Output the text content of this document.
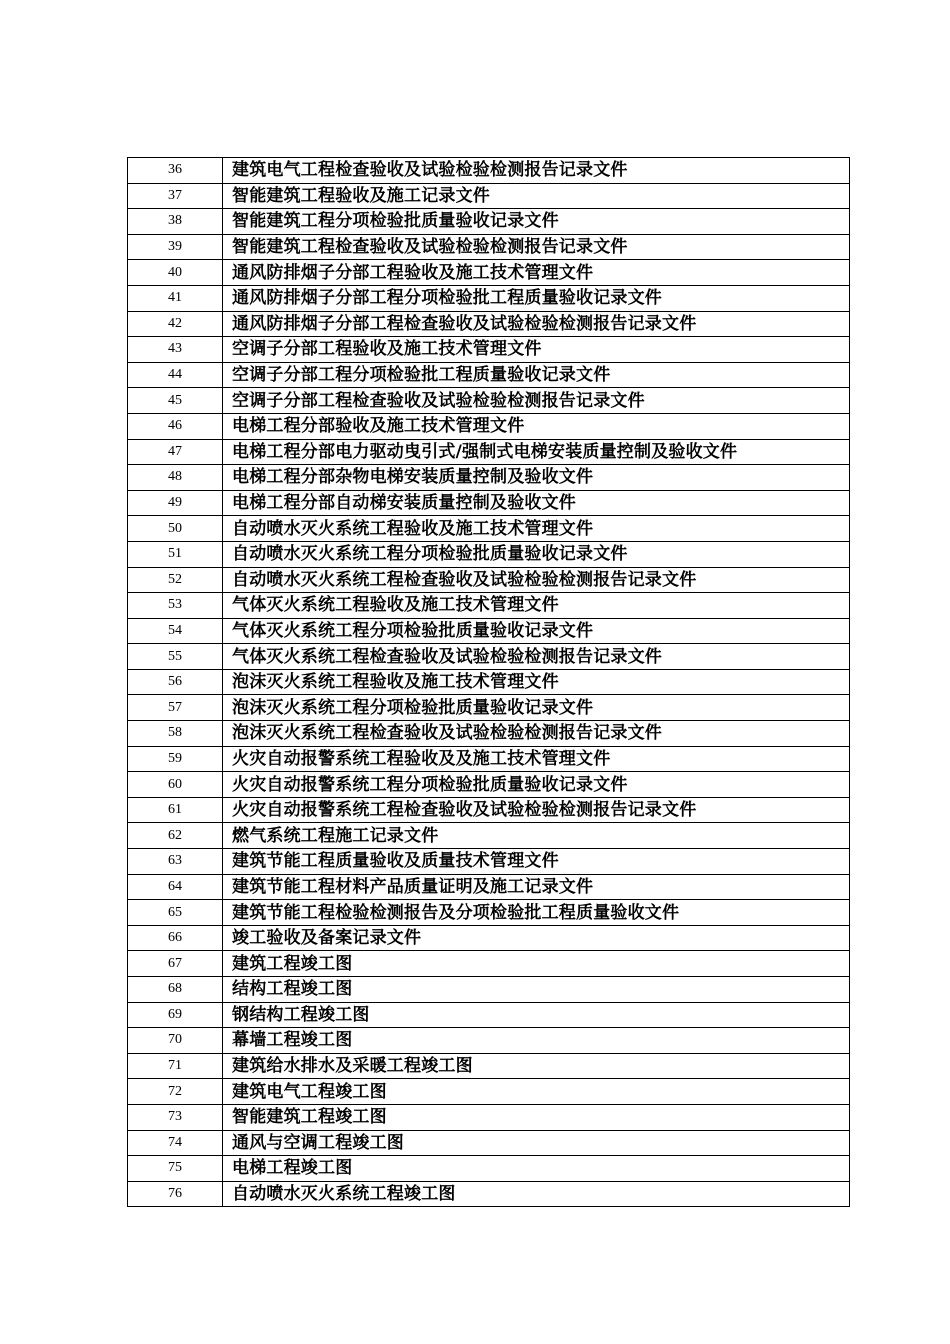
36	建筑电气工程检查验收及试验检验检测报告记录文件
37	智能建筑工程验收及施工记录文件
38	智能建筑工程分项检验批质量验收记录文件
39	智能建筑工程检查验收及试验检验检测报告记录文件
40	通风防排烟子分部工程验收及施工技术管理文件
41	通风防排烟子分部工程分项检验批工程质量验收记录文件
42	通风防排烟子分部工程检查验收及试验检验检测报告记录文件
43	空调子分部工程验收及施工技术管理文件
44	空调子分部工程分项检验批工程质量验收记录文件
45	空调子分部工程检查验收及试验检验检测报告记录文件
46	电梯工程分部验收及施工技术管理文件
47	电梯工程分部电力驱动曳引式/强制式电梯安装质量控制及验收文件
48	电梯工程分部杂物电梯安装质量控制及验收文件
49	电梯工程分部自动梯安装质量控制及验收文件
50	自动喷水灭火系统工程验收及施工技术管理文件
51	自动喷水灭火系统工程分项检验批质量验收记录文件
52	自动喷水灭火系统工程检查验收及试验检验检测报告记录文件
53	气体灭火系统工程验收及施工技术管理文件
54	气体灭火系统工程分项检验批质量验收记录文件
55	气体灭火系统工程检查验收及试验检验检测报告记录文件
56	泡沫灭火系统工程验收及施工技术管理文件
57	泡沫灭火系统工程分项检验批质量验收记录文件
58	泡沫灭火系统工程检查验收及试验检验检测报告记录文件
59	火灾自动报警系统工程验收及及施工技术管理文件
60	火灾自动报警系统工程分项检验批质量验收记录文件
61	火灾自动报警系统工程检查验收及试验检验检测报告记录文件
62	燃气系统工程施工记录文件
63	建筑节能工程质量验收及质量技术管理文件
64	建筑节能工程材料产品质量证明及施工记录文件
65	建筑节能工程检验检测报告及分项检验批工程质量验收文件
66	竣工验收及备案记录文件
67	建筑工程竣工图
68	结构工程竣工图
69	钢结构工程竣工图
70	幕墙工程竣工图
71	建筑给水排水及采暖工程竣工图
72	建筑电气工程竣工图
73	智能建筑工程竣工图
74	通风与空调工程竣工图
75	电梯工程竣工图
76	自动喷水灭火系统工程竣工图
